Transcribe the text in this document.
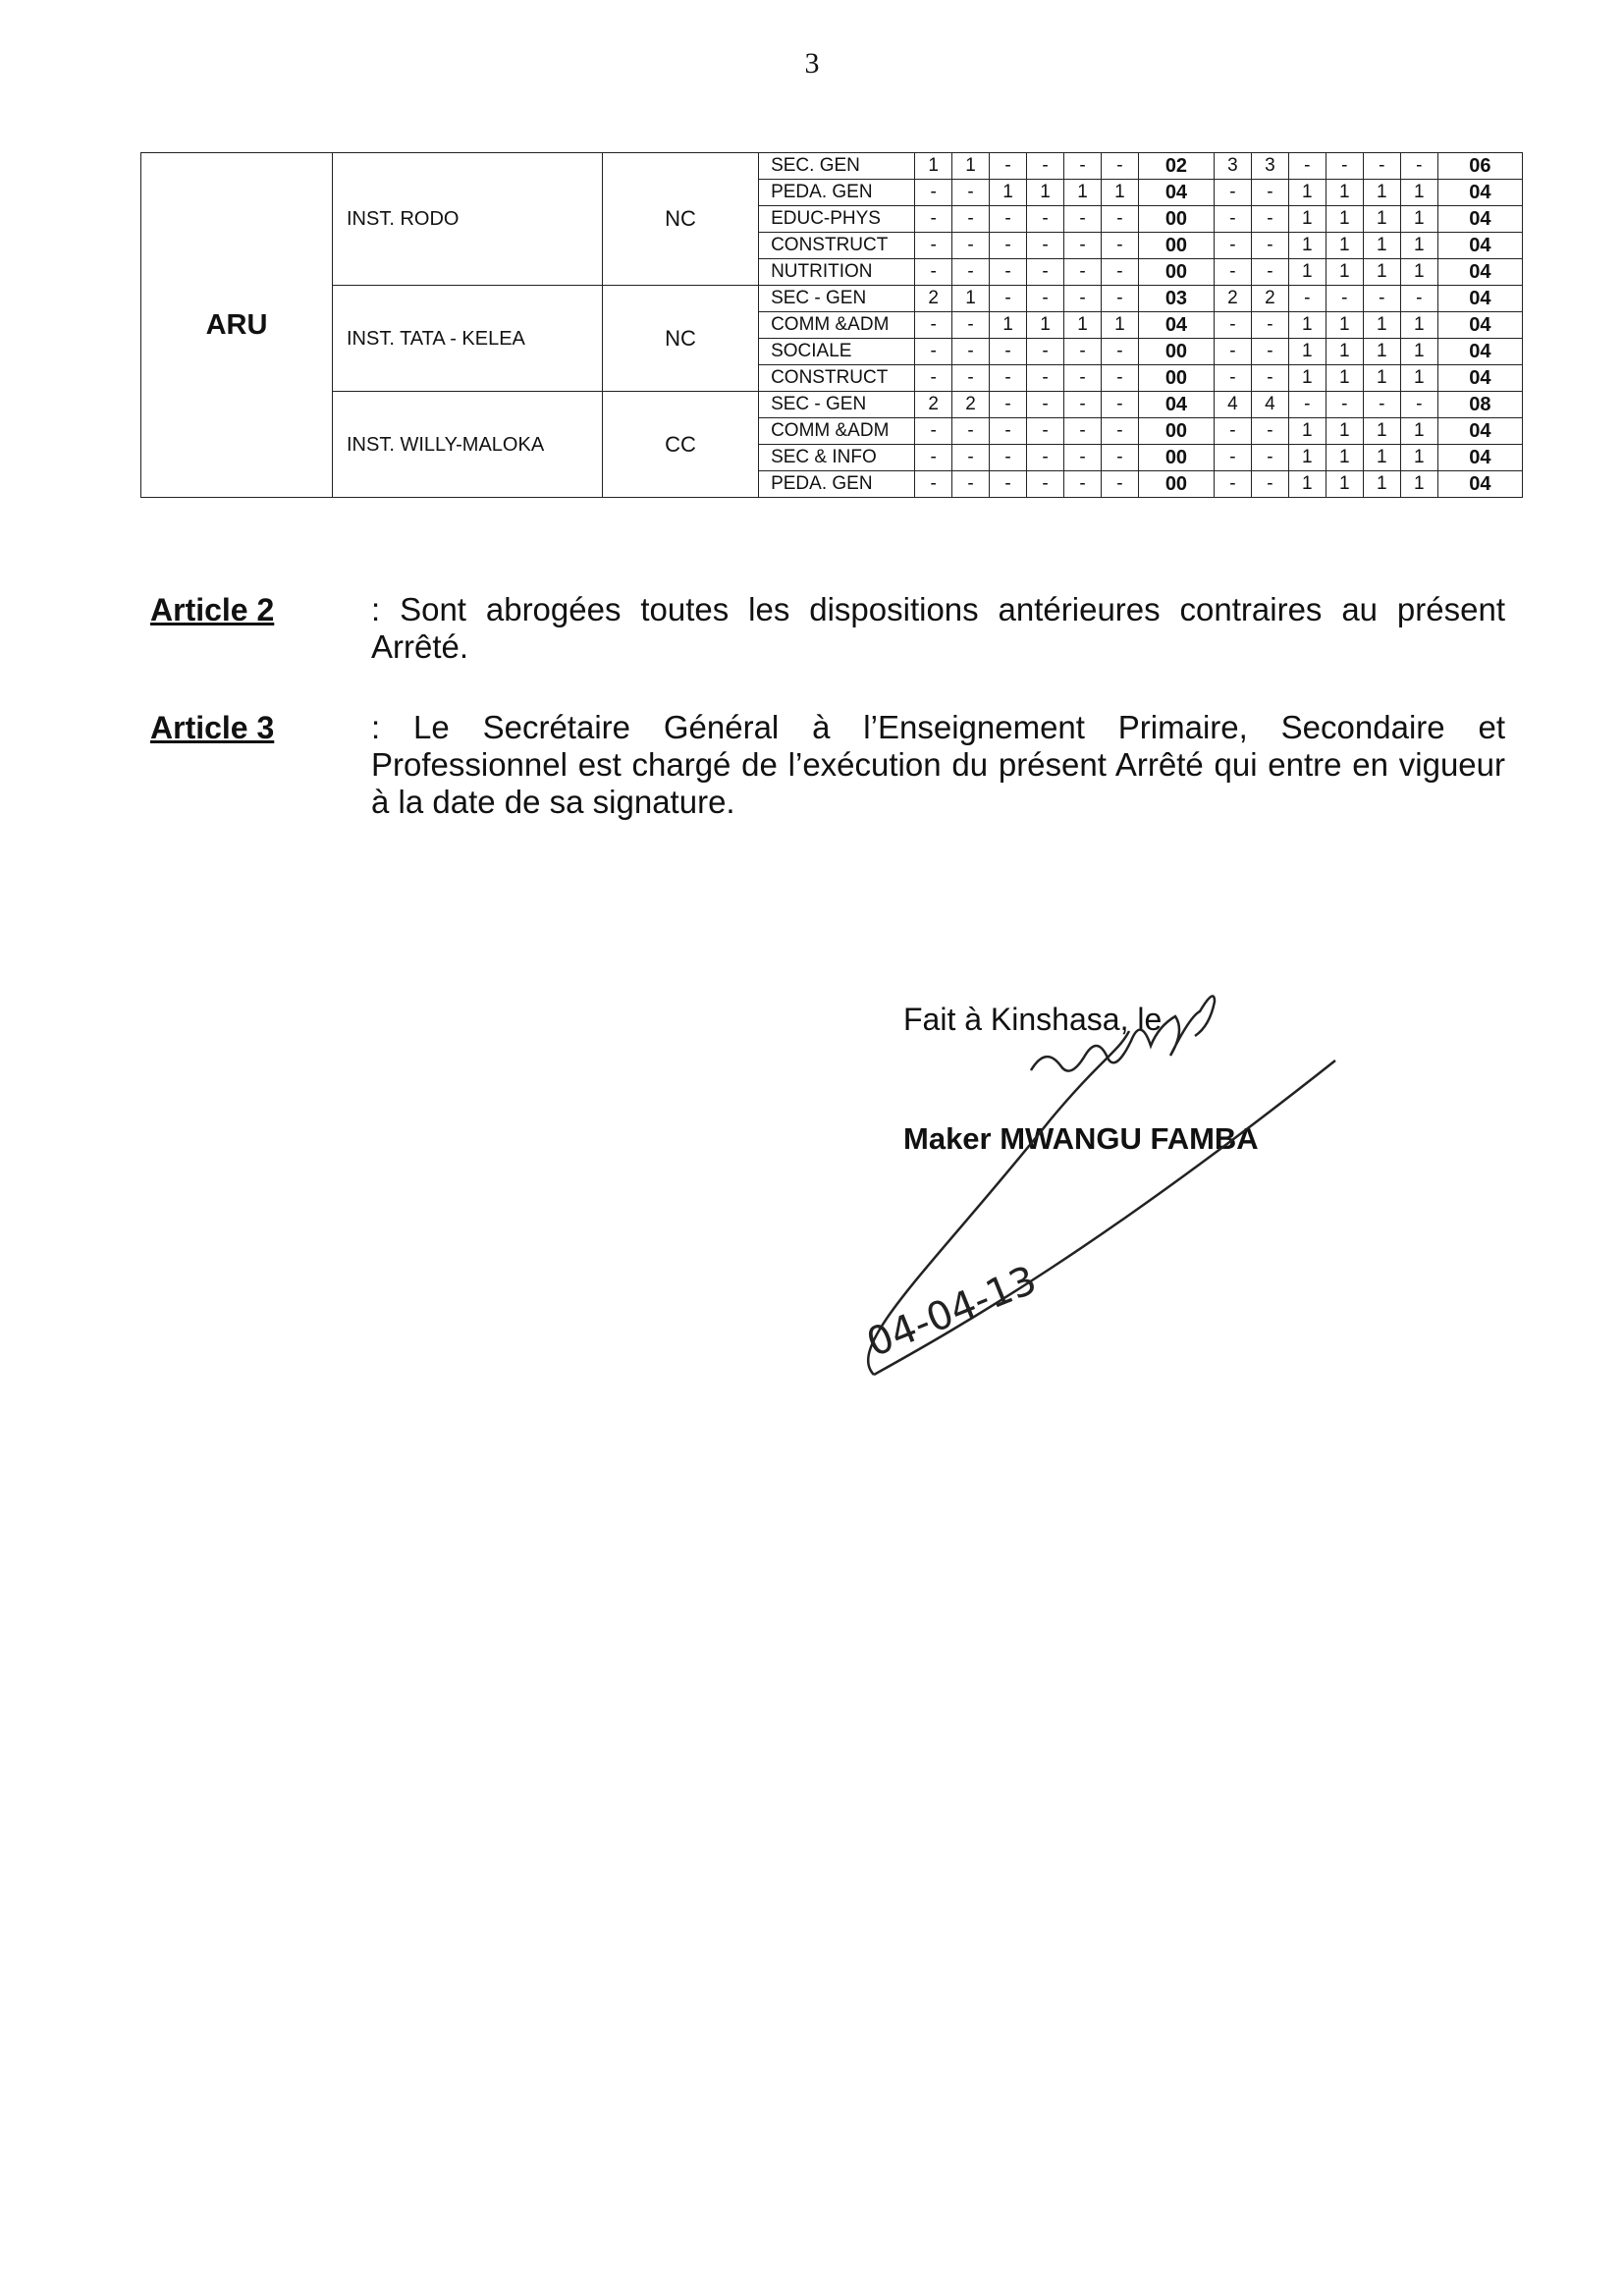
3
ARU	INST. RODO	NC	SEC. GEN	1	1	-	-	-	-	02	3	3	-	-	-	-	06
			PEDA. GEN	-	-	1	1	1	1	04	-	-	1	1	1	1	04
			EDUC-PHYS	-	-	-	-	-	-	00	-	-	1	1	1	1	04
			CONSTRUCT	-	-	-	-	-	-	00	-	-	1	1	1	1	04
			NUTRITION	-	-	-	-	-	-	00	-	-	1	1	1	1	04
	INST. TATA - KELEA	NC	SEC - GEN	2	1	-	-	-	-	03	2	2	-	-	-	-	04
			COMM &ADM	-	-	1	1	1	1	04	-	-	1	1	1	1	04
			SOCIALE	-	-	-	-	-	-	00	-	-	1	1	1	1	04
			CONSTRUCT	-	-	-	-	-	-	00	-	-	1	1	1	1	04
	INST. WILLY-MALOKA	CC	SEC - GEN	2	2	-	-	-	-	04	4	4	-	-	-	-	08
			COMM &ADM	-	-	-	-	-	-	00	-	-	1	1	1	1	04
			SEC & INFO	-	-	-	-	-	-	00	-	-	1	1	1	1	04
			PEDA. GEN	-	-	-	-	-	-	00	-	-	1	1	1	1	04
Article 2	: Sont abrogées toutes les dispositions antérieures contraires au présent Arrêté.
Article 3	: Le Secrétaire Général à l’Enseignement Primaire, Secondaire et Professionnel est chargé de l’exécution du présent Arrêté qui entre en vigueur à la date de sa signature.
Fait à Kinshasa, le
Maker MWANGU FAMBA
04-04-13
